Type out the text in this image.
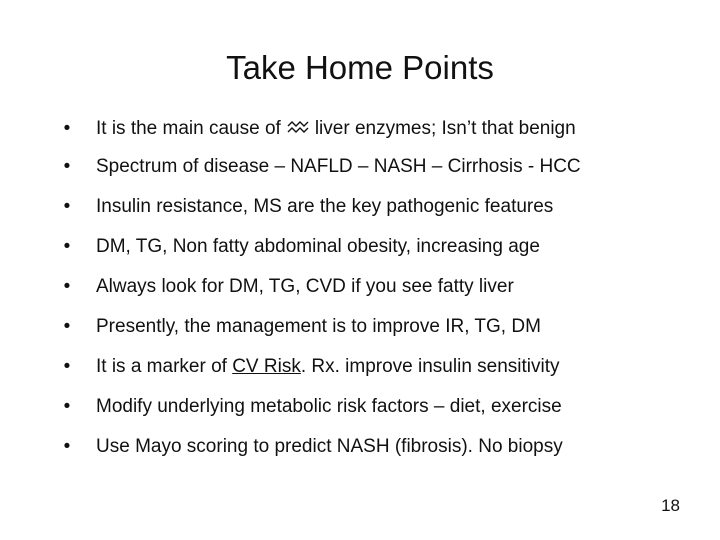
Take Home Points
• It is the main cause of liver enzymes; Isn’t that benign
• Spectrum of disease – NAFLD – NASH – Cirrhosis - HCC
• Insulin resistance, MS are the key pathogenic features
• DM, TG, Non fatty abdominal obesity, increasing age
• Always look for DM, TG, CVD if you see fatty liver
• Presently, the management is to improve IR, TG, DM
• It is a marker of CV Risk. Rx. improve insulin sensitivity
• Modify underlying metabolic risk factors – diet, exercise
• Use Mayo scoring to predict NASH (fibrosis). No biopsy
18
